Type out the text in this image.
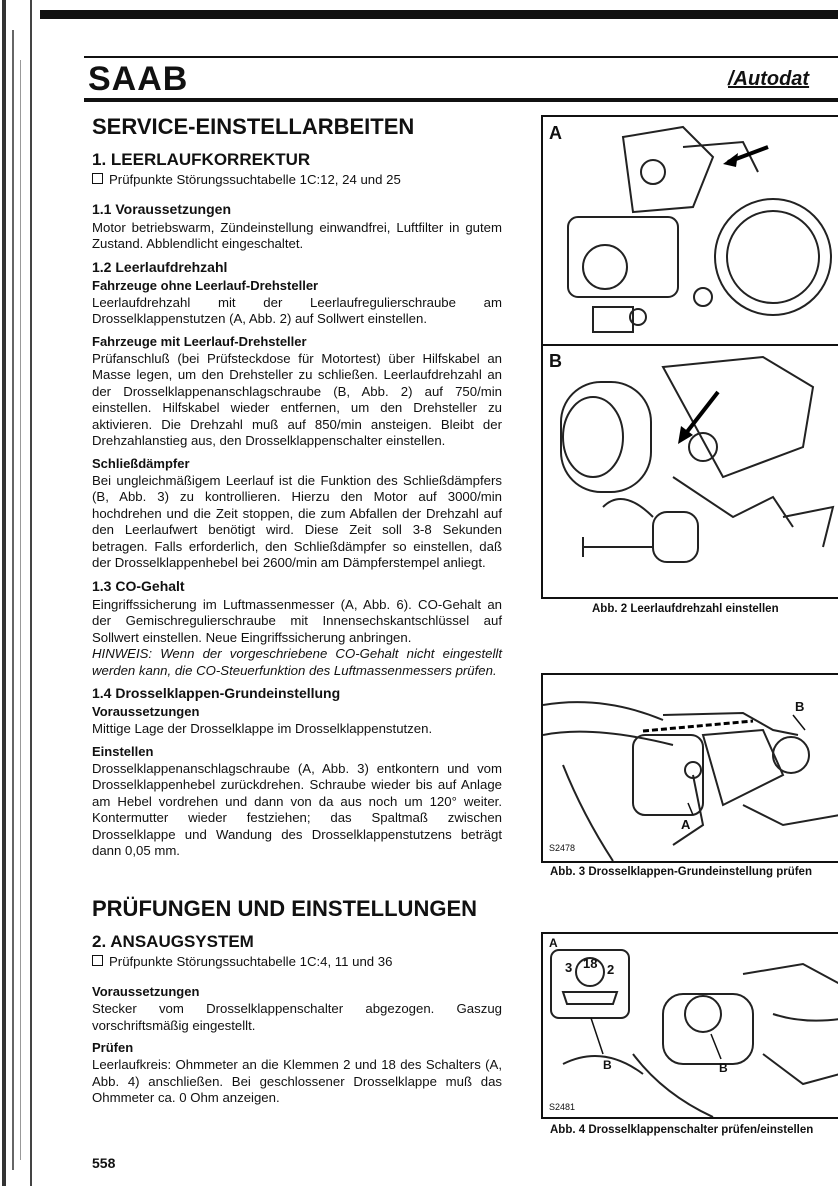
SAAB	/Autodat
SERVICE-EINSTELLARBEITEN
1. LEERLAUFKORREKTUR

Prüfpunkte Störungssuchtabelle 1C:12, 24 und 25

1.1 Voraussetzungen

Motor betriebswarm, Zündeinstellung einwandfrei, Luftfilter in gutem Zustand. Abblendlicht eingeschaltet.

1.2 Leerlaufdrehzahl
Fahrzeuge ohne Leerlauf-Drehsteller

Leerlaufdrehzahl mit der Leerlaufregulierschraube am Drosselklappenstutzen (A, Abb. 2) auf Sollwert einstellen.

Fahrzeuge mit Leerlauf-Drehsteller

Prüfanschluß (bei Prüfsteckdose für Motortest) über Hilfskabel an Masse legen, um den Drehsteller zu schließen. Leerlaufdrehzahl an der Drosselklappenanschlagschraube (B, Abb. 2) auf 750/min einstellen. Hilfskabel wieder entfernen, um den Drehsteller zu aktivieren. Die Drehzahl muß auf 850/min ansteigen. Bleibt der Drehzahlanstieg aus, den Drosselklappenschalter einstellen.

Schließdämpfer

Bei ungleichmäßigem Leerlauf ist die Funktion des Schließdämpfers (B, Abb. 3) zu kontrollieren. Hierzu den Motor auf 3000/min hochdrehen und die Zeit stoppen, die zum Abfallen der Drehzahl auf den Leerlaufwert benötigt wird. Diese Zeit soll 3-8 Sekunden betragen. Falls erforderlich, den Schließdämpfer so einstellen, daß der Drosselklappenhebel bei 2600/min am Dämpferstempel anliegt.

1.3 CO-Gehalt

Eingriffssicherung im Luftmassenmesser (A, Abb. 6). CO-Gehalt an der Gemischregulierschraube mit Innensechskantschlüssel auf Sollwert einstellen. Neue Eingriffssicherung anbringen.

HINWEIS: Wenn der vorgeschriebene CO-Gehalt nicht eingestellt werden kann, die CO-Steuerfunktion des Luftmassenmessers prüfen.

1.4 Drosselklappen-Grundeinstellung
Voraussetzungen

Mittige Lage der Drosselklappe im Drosselklappenstutzen.

Einstellen

Drosselklappenanschlagschraube (A, Abb. 3) entkontern und vom Drosselklappenhebel zurückdrehen. Schraube wieder bis auf Anlage am Hebel vordrehen und dann von da aus noch um 120° weiter. Kontermutter wieder festziehen; das Spaltmaß zwischen Drosselklappe und Wandung des Drosselklappenstutzens beträgt dann 0,05 mm.

PRÜFUNGEN UND EINSTELLUNGEN
2. ANSAUGSYSTEM

Prüfpunkte Störungssuchtabelle 1C:4, 11 und 36

Voraussetzungen

Stecker vom Drosselklappenschalter abgezogen. Gaszug vorschriftsmäßig eingestellt.

Prüfen

Leerlaufkreis: Ohmmeter an die Klemmen 2 und 18 des Schalters (A, Abb. 4) anschließen. Bei geschlossener Drosselklappe muß das Ohmmeter ca. 0 Ohm anzeigen.

A
B
Abb. 2 Leerlaufdrehzahl einstellen
B
A
S2478
Abb. 3 Drosselklappen-Grundeinstellung prüfen
A
3 18 2
B	B
S2481
Abb. 4 Drosselklappenschalter prüfen/einstellen
558
